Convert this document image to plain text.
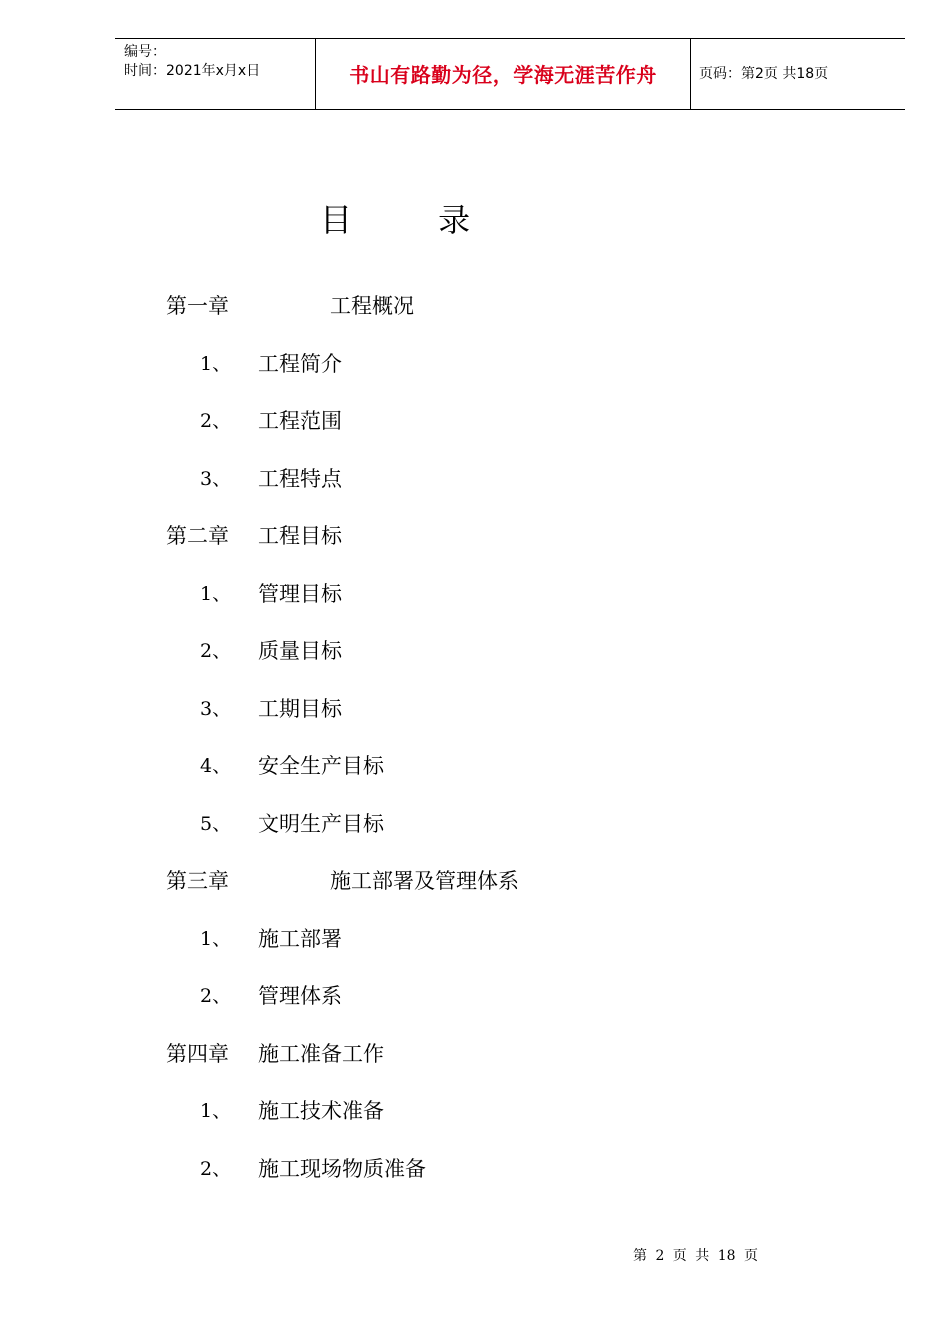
编号：
时间：2021年x月x日	书山有路勤为径，学海无涯苦作舟	页码：第2页 共18页
目 录
第一章	工程概况
1、 工程简介
2、 工程范围
3、 工程特点
第二章 工程目标
1、 管理目标
2、 质量目标
3、 工期目标
4、 安全生产目标
5、 文明生产目标
第三章	施工部署及管理体系
1、 施工部署
2、 管理体系
第四章 施工准备工作
1、 施工技术准备
2、 施工现场物质准备
第 2 页 共 18 页
